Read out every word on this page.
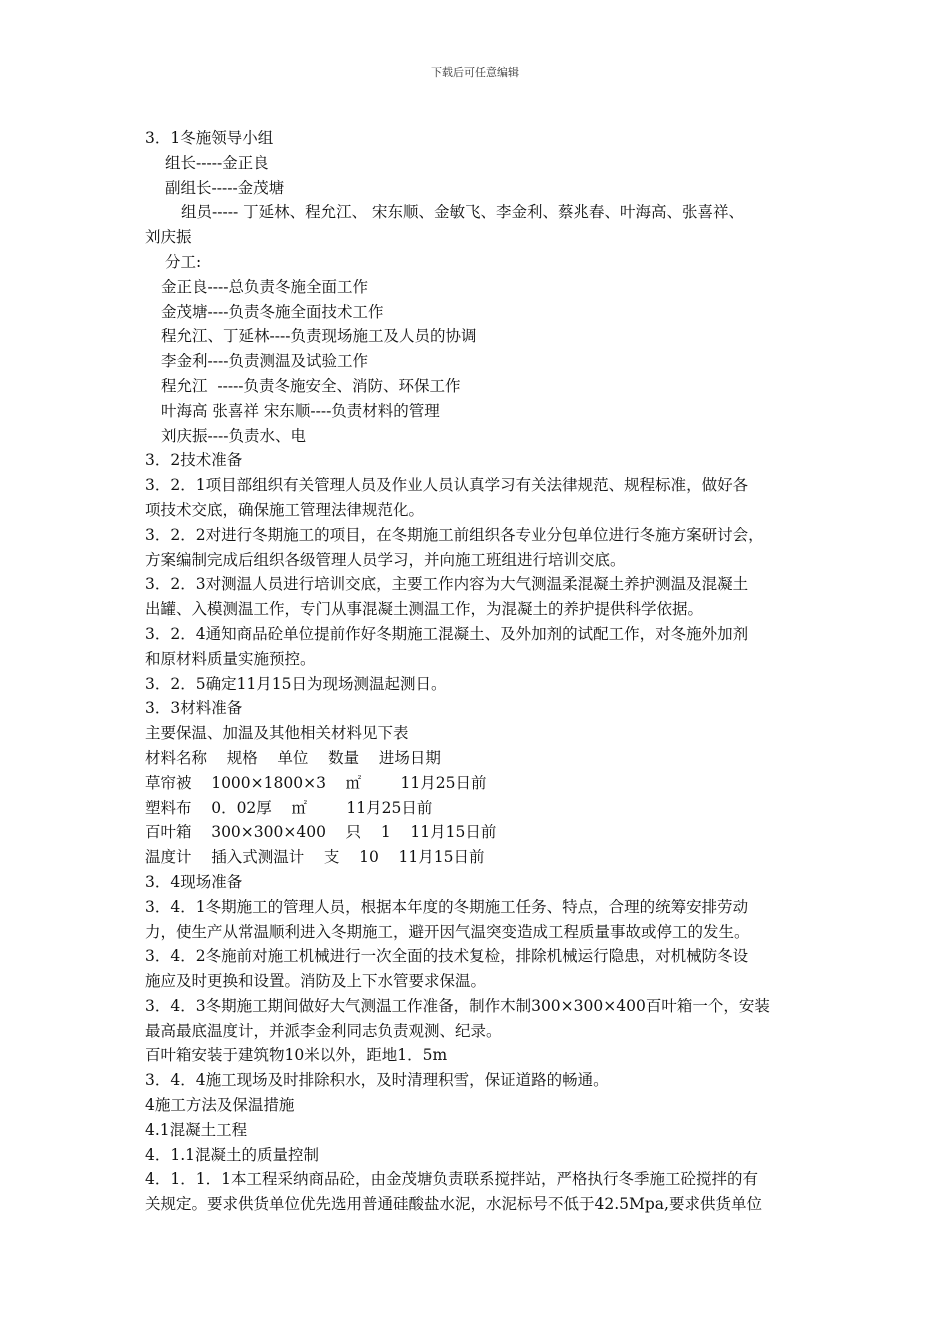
下载后可任意编辑
3．1冬施领导小组
组长-----金正良
副组长-----金茂塘
组员----- 丁延林、程允江、 宋东顺、金敏飞、李金利、蔡兆春、叶海高、张喜祥、
刘庆振
分工:
金正良----总负责冬施全面工作
金茂塘----负责冬施全面技术工作
程允江、丁延林----负责现场施工及人员的协调
李金利----负责测温及试验工作
程允江  -----负责冬施安全、消防、环保工作
叶海高 张喜祥 宋东顺----负责材料的管理
刘庆振----负责水、电
3．2技术准备
3．2．1项目部组织有关管理人员及作业人员认真学习有关法律规范、规程标准，做好各
项技术交底，确保施工管理法律规范化。
3．2．2对进行冬期施工的项目，在冬期施工前组织各专业分包单位进行冬施方案研讨会，
方案编制完成后组织各级管理人员学习，并向施工班组进行培训交底。
3．2．3对测温人员进行培训交底，主要工作内容为大气测温柔混凝土养护测温及混凝土
出罐、入模测温工作，专门从事混凝土测温工作，为混凝土的养护提供科学依据。
3．2．4通知商品砼单位提前作好冬期施工混凝土、及外加剂的试配工作，对冬施外加剂
和原材料质量实施预控。
3．2．5确定11月15日为现场测温起测日。
3．3材料准备
主要保温、加温及其他相关材料见下表
材料名称    规格    单位    数量    进场日期
草帘被    1000×1800×3    ㎡        11月25日前
塑料布    0．02厚    ㎡        11月25日前
百叶箱    300×300×400    只    1    11月15日前
温度计    插入式测温计    支    10    11月15日前
3．4现场准备
3．4．1冬期施工的管理人员，根据本年度的冬期施工任务、特点，合理的统筹安排劳动
力，使生产从常温顺利进入冬期施工，避开因气温突变造成工程质量事故或停工的发生。
3．4．2冬施前对施工机械进行一次全面的技术复检，排除机械运行隐患，对机械防冬设
施应及时更换和设置。消防及上下水管要求保温。
3．4．3冬期施工期间做好大气测温工作准备，制作木制300×300×400百叶箱一个，安装
最高最底温度计，并派李金利同志负责观测、纪录。
百叶箱安装于建筑物10米以外，距地1．5m
3．4．4施工现场及时排除积水，及时清理积雪，保证道路的畅通。
4施工方法及保温措施
4.1混凝土工程
4．1.1混凝土的质量控制
4．1．1．1本工程采纳商品砼，由金茂塘负责联系搅拌站，严格执行冬季施工砼搅拌的有
关规定。要求供货单位优先选用普通硅酸盐水泥，水泥标号不低于42.5Mpa,要求供货单位
